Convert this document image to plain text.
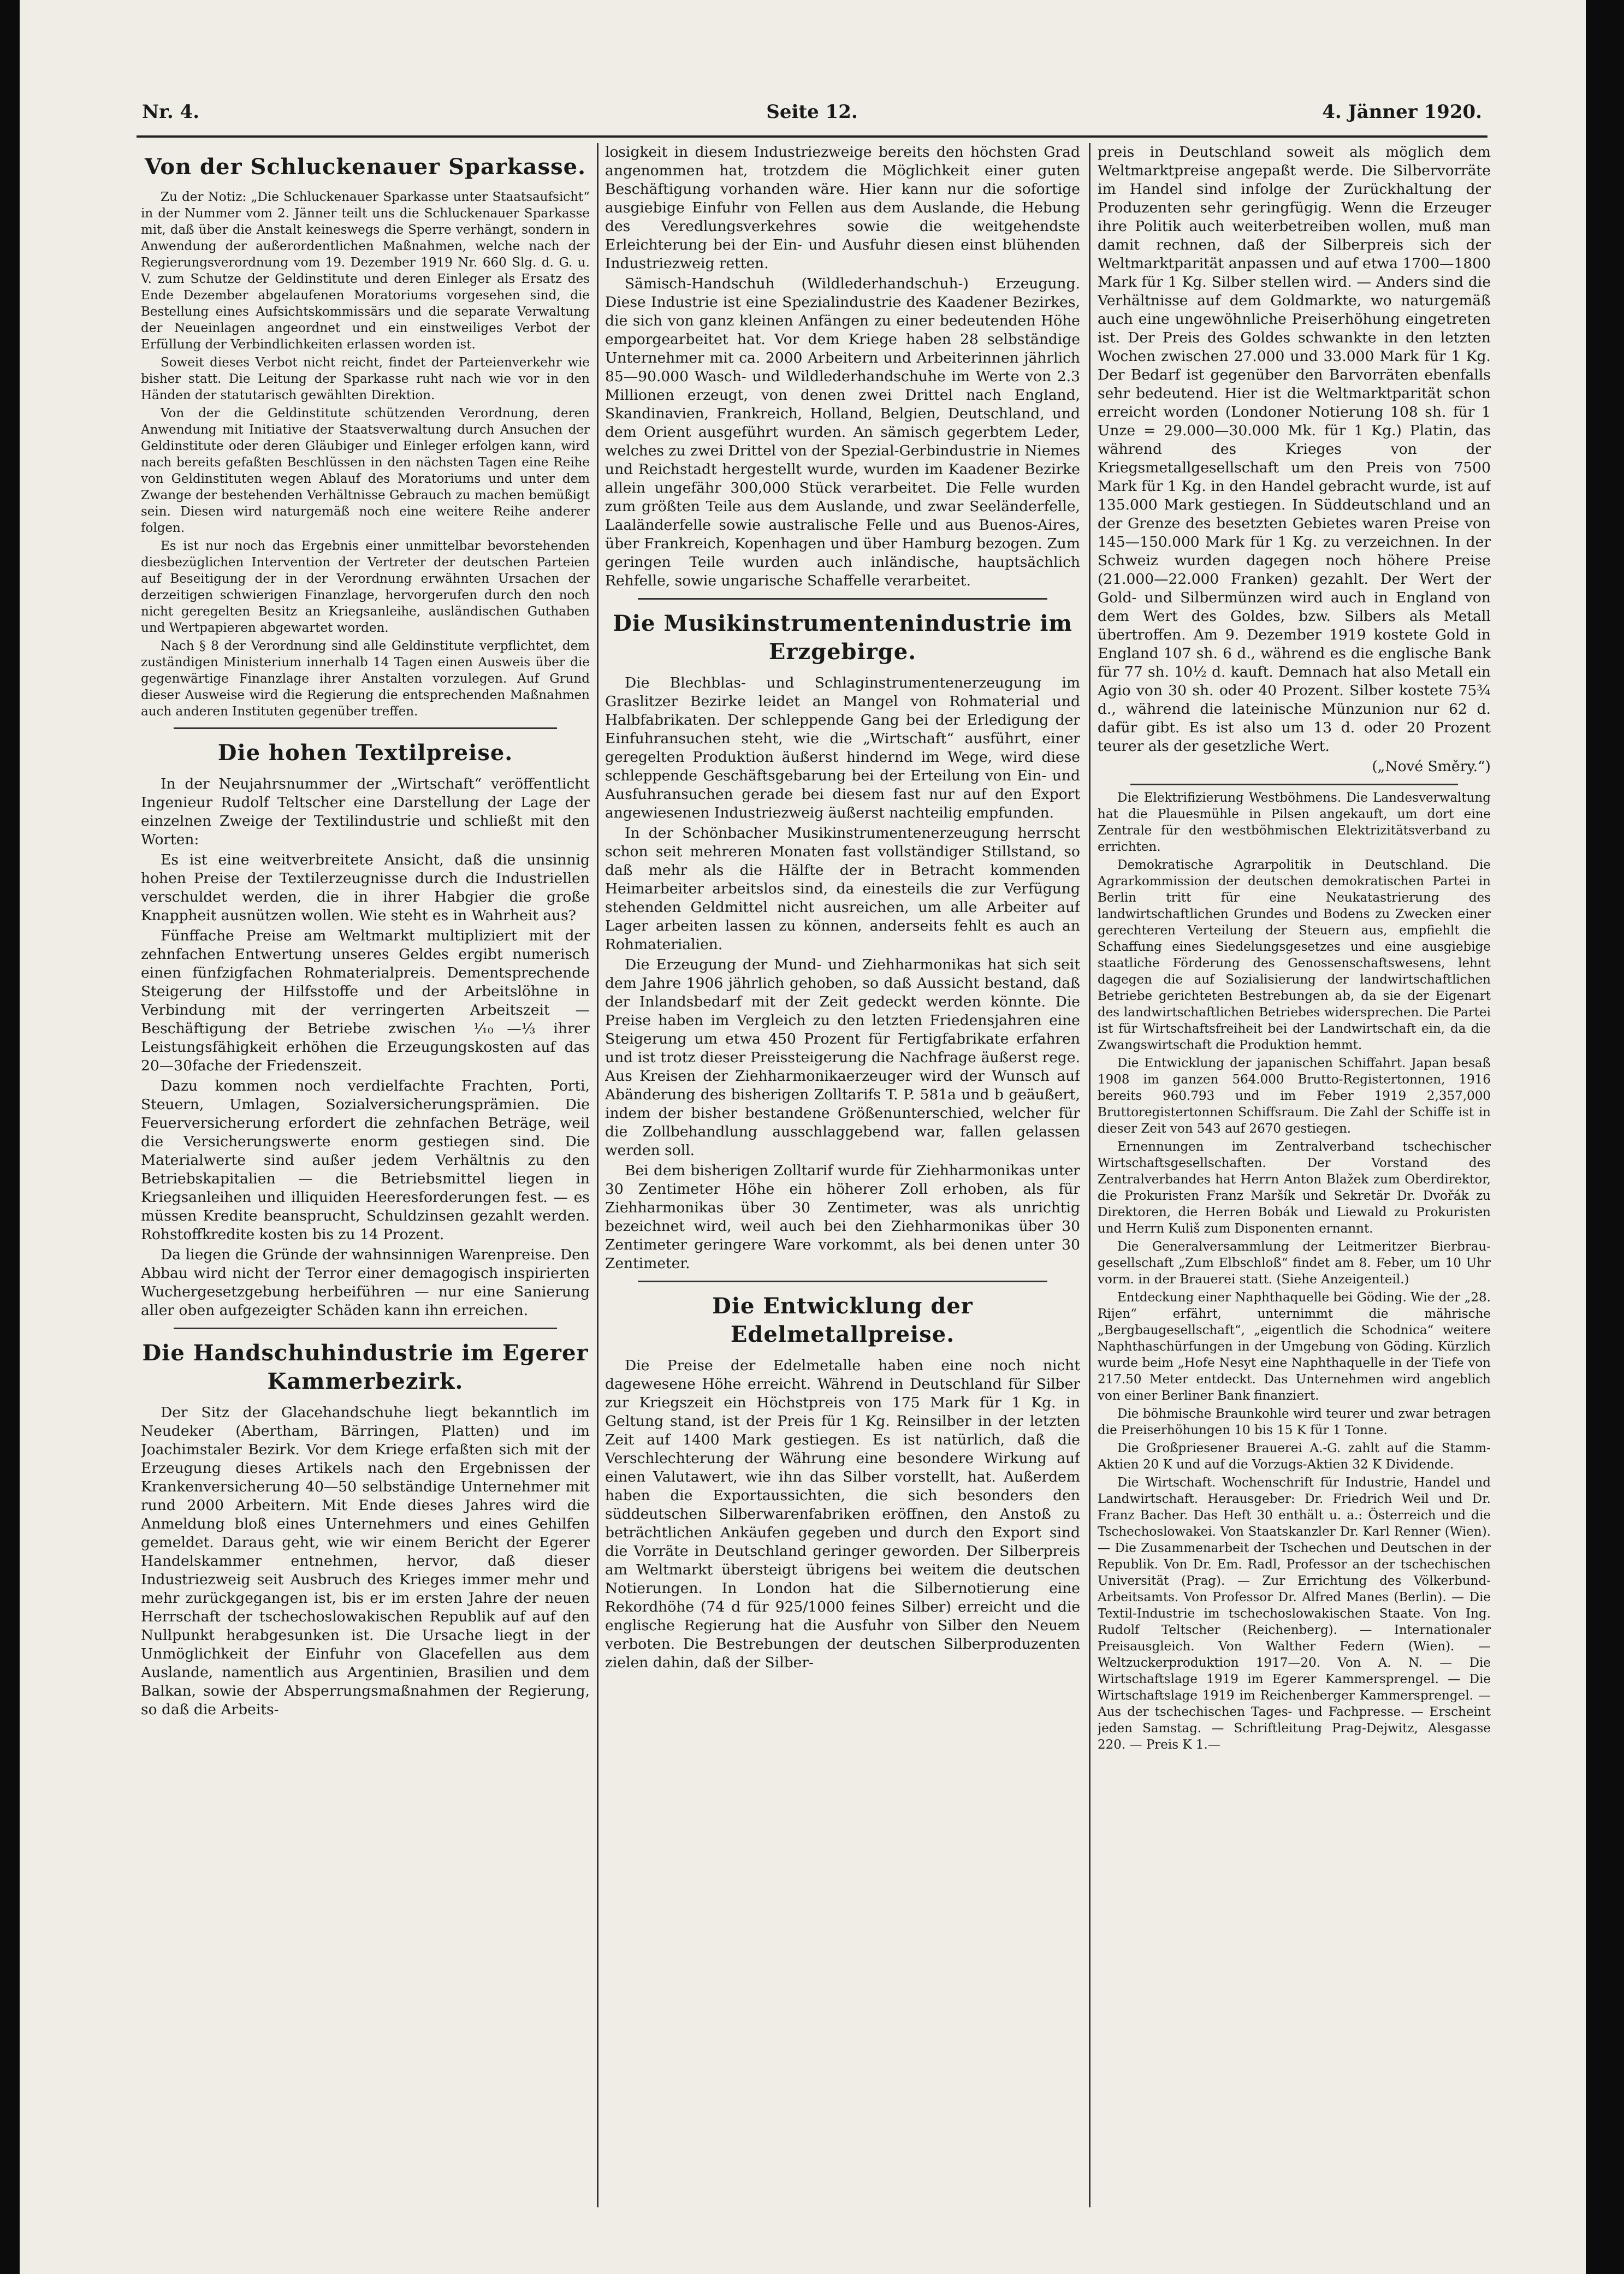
Nr. 4.	Seite 12.	4. Jänner 1920.
Von der Schluckenauer Sparkasse.

Zu der Notiz: „Die Schluckenauer Sparkasse unter Staatsaufsicht“ in der Nummer vom 2. Jänner teilt uns die Schluckenauer Sparkasse mit, daß über die Anstalt keineswegs die Sperre verhängt, sondern in Anwendung der außerordentlichen Maßnahmen, welche nach der Regierungsverordnung vom 19. Dezember 1919 Nr. 660 Slg. d. G. u. V. zum Schutze der Geldinstitute und deren Einleger als Ersatz des Ende Dezember abgelaufenen Moratoriums vorgesehen sind, die Bestellung eines Aufsichtskommissärs und die separate Verwaltung der Neueinlagen angeordnet und ein einstweiliges Verbot der Erfüllung der Verbindlichkeiten erlassen worden ist.

Soweit dieses Verbot nicht reicht, findet der Parteienverkehr wie bisher statt. Die Leitung der Sparkasse ruht nach wie vor in den Händen der statutarisch gewählten Direktion.

Von der die Geldinstitute schützenden Verordnung, deren Anwendung mit Initiative der Staatsverwaltung durch Ansuchen der Geldinstitute oder deren Gläubiger und Einleger erfolgen kann, wird nach bereits gefaßten Beschlüssen in den nächsten Tagen eine Reihe von Geldinstituten wegen Ablauf des Moratoriums und unter dem Zwange der bestehenden Verhältnisse Gebrauch zu machen bemüßigt sein. Diesen wird naturgemäß noch eine weitere Reihe anderer folgen.

Es ist nur noch das Ergebnis einer unmittelbar bevorstehenden diesbezüglichen Intervention der Vertreter der deutschen Parteien auf Beseitigung der in der Verordnung erwähnten Ursachen der derzeitigen schwierigen Finanzlage, hervorgerufen durch den noch nicht geregelten Besitz an Kriegsanleihe, ausländischen Guthaben und Wertpapieren abgewartet worden.

Nach § 8 der Verordnung sind alle Geldinstitute verpflichtet, dem zuständigen Ministerium innerhalb 14 Tagen einen Ausweis über die gegenwärtige Finanzlage ihrer Anstalten vorzulegen. Auf Grund dieser Ausweise wird die Regierung die entsprechenden Maßnahmen auch anderen Instituten gegenüber treffen.

Die hohen Textilpreise.

In der Neujahrsnummer der „Wirtschaft“ veröffentlicht Ingenieur Rudolf Teltscher eine Darstellung der Lage der einzelnen Zweige der Textilindustrie und schließt mit den Worten:

Es ist eine weitverbreitete Ansicht, daß die unsinnig hohen Preise der Textilerzeugnisse durch die Industriellen verschuldet werden, die in ihrer Habgier die große Knappheit ausnützen wollen. Wie steht es in Wahrheit aus?

Fünffache Preise am Weltmarkt multipliziert mit der zehnfachen Entwertung unseres Geldes ergibt numerisch einen fünfzigfachen Rohmaterialpreis. Dementsprechende Steigerung der Hilfsstoffe und der Arbeitslöhne in Verbindung mit der verringerten Arbeitszeit — Beschäftigung der Betriebe zwischen ⅒—⅓ ihrer Leistungsfähigkeit erhöhen die Erzeugungskosten auf das 20—30fache der Friedenszeit.

Dazu kommen noch verdielfachte Frachten, Porti, Steuern, Umlagen, Sozialversicherungsprämien. Die Feuerversicherung erfordert die zehnfachen Beträge, weil die Versicherungswerte enorm gestiegen sind. Die Materialwerte sind außer jedem Verhältnis zu den Betriebskapitalien — die Betriebsmittel liegen in Kriegsanleihen und illiquiden Heeresforderungen fest. — es müssen Kredite beansprucht, Schuldzinsen gezahlt werden. Rohstoffkredite kosten bis zu 14 Prozent.

Da liegen die Gründe der wahnsinnigen Warenpreise. Den Abbau wird nicht der Terror einer demagogisch inspirierten Wuchergesetzgebung herbeiführen — nur eine Sanierung aller oben aufgezeigter Schäden kann ihn erreichen.

Die Handschuhindustrie im Egerer Kammerbezirk.

Der Sitz der Glacehandschuhe liegt bekanntlich im Neudeker (Abertham, Bärringen, Platten) und im Joachimstaler Bezirk. Vor dem Kriege erfaßten sich mit der Erzeugung dieses Artikels nach den Ergebnissen der Krankenversicherung 40—50 selbständige Unternehmer mit rund 2000 Arbeitern. Mit Ende dieses Jahres wird die Anmeldung bloß eines Unternehmers und eines Gehilfen gemeldet. Daraus geht, wie wir einem Bericht der Egerer Handelskammer entnehmen, hervor, daß dieser Industriezweig seit Ausbruch des Krieges immer mehr und mehr zurückgegangen ist, bis er im ersten Jahre der neuen Herrschaft der tschechoslowakischen Republik auf auf den Nullpunkt herabgesunken ist. Die Ursache liegt in der Unmöglichkeit der Einfuhr von Glacefellen aus dem Auslande, namentlich aus Argentinien, Brasilien und dem Balkan, sowie der Absperrungsmaßnahmen der Regierung, so daß die Arbeits-

losigkeit in diesem Industriezweige bereits den höchsten Grad angenommen hat, trotzdem die Möglichkeit einer guten Beschäftigung vorhanden wäre. Hier kann nur die sofortige ausgiebige Einfuhr von Fellen aus dem Auslande, die Hebung des Veredlungsverkehres sowie die weitgehendste Erleichterung bei der Ein- und Ausfuhr diesen einst blühenden Industriezweig retten.

Sämisch-Handschuh (Wildlederhandschuh-) Erzeugung. Diese Industrie ist eine Spezialindustrie des Kaadener Bezirkes, die sich von ganz kleinen Anfängen zu einer bedeutenden Höhe emporgearbeitet hat. Vor dem Kriege haben 28 selbständige Unternehmer mit ca. 2000 Arbeitern und Arbeiterinnen jährlich 85—90.000 Wasch- und Wildlederhandschuhe im Werte von 2.3 Millionen erzeugt, von denen zwei Drittel nach England, Skandinavien, Frankreich, Holland, Belgien, Deutschland, und dem Orient ausgeführt wurden. An sämisch gegerbtem Leder, welches zu zwei Drittel von der Spezial-Gerbindustrie in Niemes und Reichstadt hergestellt wurde, wurden im Kaadener Bezirke allein ungefähr 300,000 Stück verarbeitet. Die Felle wurden zum größten Teile aus dem Auslande, und zwar Seeländerfelle, Laaländerfelle sowie australische Felle und aus Buenos-Aires, über Frankreich, Kopenhagen und über Hamburg bezogen. Zum geringen Teile wurden auch inländische, hauptsächlich Rehfelle, sowie ungarische Schaffelle verarbeitet.

Die Musikinstrumentenindustrie im Erzgebirge.

Die Blechblas- und Schlaginstrumentenerzeugung im Graslitzer Bezirke leidet an Mangel von Rohmaterial und Halbfabrikaten. Der schleppende Gang bei der Erledigung der Einfuhransuchen steht, wie die „Wirtschaft“ ausführt, einer geregelten Produktion äußerst hindernd im Wege, wird diese schleppende Geschäftsgebarung bei der Erteilung von Ein- und Ausfuhransuchen gerade bei diesem fast nur auf den Export angewiesenen Industriezweig äußerst nachteilig empfunden.

In der Schönbacher Musikinstrumentenerzeugung herrscht schon seit mehreren Monaten fast vollständiger Stillstand, so daß mehr als die Hälfte der in Betracht kommenden Heimarbeiter arbeitslos sind, da einesteils die zur Verfügung stehenden Geldmittel nicht ausreichen, um alle Arbeiter auf Lager arbeiten lassen zu können, anderseits fehlt es auch an Rohmaterialien.

Die Erzeugung der Mund- und Ziehharmonikas hat sich seit dem Jahre 1906 jährlich gehoben, so daß Aussicht bestand, daß der Inlandsbedarf mit der Zeit gedeckt werden könnte. Die Preise haben im Vergleich zu den letzten Friedensjahren eine Steigerung um etwa 450 Prozent für Fertigfabrikate erfahren und ist trotz dieser Preissteigerung die Nachfrage äußerst rege. Aus Kreisen der Ziehharmonikaerzeuger wird der Wunsch auf Abänderung des bisherigen Zolltarifs T. P. 581a und b geäußert, indem der bisher bestandene Größenunterschied, welcher für die Zollbehandlung ausschlaggebend war, fallen gelassen werden soll.

Bei dem bisherigen Zolltarif wurde für Ziehharmonikas unter 30 Zentimeter Höhe ein höherer Zoll erhoben, als für Ziehharmonikas über 30 Zentimeter, was als unrichtig bezeichnet wird, weil auch bei den Ziehharmonikas über 30 Zentimeter geringere Ware vorkommt, als bei denen unter 30 Zentimeter.

Die Entwicklung der Edelmetallpreise.

Die Preise der Edelmetalle haben eine noch nicht dagewesene Höhe erreicht. Während in Deutschland für Silber zur Kriegszeit ein Höchstpreis von 175 Mark für 1 Kg. in Geltung stand, ist der Preis für 1 Kg. Reinsilber in der letzten Zeit auf 1400 Mark gestiegen. Es ist natürlich, daß die Verschlechterung der Währung eine besondere Wirkung auf einen Valutawert, wie ihn das Silber vorstellt, hat. Außerdem haben die Exportaussichten, die sich besonders den süddeutschen Silberwarenfabriken eröffnen, den Anstoß zu beträchtlichen Ankäufen gegeben und durch den Export sind die Vorräte in Deutschland geringer geworden. Der Silberpreis am Weltmarkt übersteigt übrigens bei weitem die deutschen Notierungen. In London hat die Silbernotierung eine Rekordhöhe (74 d für 925/1000 feines Silber) erreicht und die englische Regierung hat die Ausfuhr von Silber den Neuem verboten. Die Bestrebungen der deutschen Silberproduzenten zielen dahin, daß der Silber-

preis in Deutschland soweit als möglich dem Weltmarktpreise angepaßt werde. Die Silbervorräte im Handel sind infolge der Zurückhaltung der Produzenten sehr geringfügig. Wenn die Erzeuger ihre Politik auch weiterbetreiben wollen, muß man damit rechnen, daß der Silberpreis sich der Weltmarktparität anpassen und auf etwa 1700—1800 Mark für 1 Kg. Silber stellen wird. — Anders sind die Verhältnisse auf dem Goldmarkte, wo naturgemäß auch eine ungewöhnliche Preiserhöhung eingetreten ist. Der Preis des Goldes schwankte in den letzten Wochen zwischen 27.000 und 33.000 Mark für 1 Kg. Der Bedarf ist gegenüber den Barvorräten ebenfalls sehr bedeutend. Hier ist die Weltmarktparität schon erreicht worden (Londoner Notierung 108 sh. für 1 Unze = 29.000—30.000 Mk. für 1 Kg.) Platin, das während des Krieges von der Kriegsmetallgesellschaft um den Preis von 7500 Mark für 1 Kg. in den Handel gebracht wurde, ist auf 135.000 Mark gestiegen. In Süddeutschland und an der Grenze des besetzten Gebietes waren Preise von 145—150.000 Mark für 1 Kg. zu verzeichnen. In der Schweiz wurden dagegen noch höhere Preise (21.000—22.000 Franken) gezahlt. Der Wert der Gold- und Silbermünzen wird auch in England von dem Wert des Goldes, bzw. Silbers als Metall übertroffen. Am 9. Dezember 1919 kostete Gold in England 107 sh. 6 d., während es die englische Bank für 77 sh. 10½ d. kauft. Demnach hat also Metall ein Agio von 30 sh. oder 40 Prozent. Silber kostete 75¾ d., während die lateinische Münzunion nur 62 d. dafür gibt. Es ist also um 13 d. oder 20 Prozent teurer als der gesetzliche Wert.

(„Nové Směry.“)

Die Elektrifizierung Westböhmens. Die Landesverwaltung hat die Plauesmühle in Pilsen angekauft, um dort eine Zentrale für den westböhmischen Elektrizitätsverband zu errichten.

Demokratische Agrarpolitik in Deutschland. Die Agrarkommission der deutschen demokratischen Partei in Berlin tritt für eine Neukatastrierung des landwirtschaftlichen Grundes und Bodens zu Zwecken einer gerechteren Verteilung der Steuern aus, empfiehlt die Schaffung eines Siedelungsgesetzes und eine ausgiebige staatliche Förderung des Genossenschaftswesens, lehnt dagegen die auf Sozialisierung der landwirtschaftlichen Betriebe gerichteten Bestrebungen ab, da sie der Eigenart des landwirtschaftlichen Betriebes widersprechen. Die Partei ist für Wirtschaftsfreiheit bei der Landwirtschaft ein, da die Zwangswirtschaft die Produktion hemmt.

Die Entwicklung der japanischen Schiffahrt. Japan besaß 1908 im ganzen 564.000 Brutto-Registertonnen, 1916 bereits 960.793 und im Feber 1919 2,357,000 Bruttoregistertonnen Schiffsraum. Die Zahl der Schiffe ist in dieser Zeit von 543 auf 2670 gestiegen.

Ernennungen im Zentralverband tschechischer Wirtschaftsgesellschaften. Der Vorstand des Zentralverbandes hat Herrn Anton Blažek zum Oberdirektor, die Prokuristen Franz Maršík und Sekretär Dr. Dvořák zu Direktoren, die Herren Bobák und Liewald zu Prokuristen und Herrn Kuliš zum Disponenten ernannt.

Die Generalversammlung der Leitmeritzer Bierbrau-gesellschaft „Zum Elbschloß“ findet am 8. Feber, um 10 Uhr vorm. in der Brauerei statt. (Siehe Anzeigenteil.)

Entdeckung einer Naphthaquelle bei Göding. Wie der „28. Rijen“ erfährt, unternimmt die mährische „Bergbaugesellschaft“, „eigentlich die Schodnica“ weitere Naphthaschürfungen in der Umgebung von Göding. Kürzlich wurde beim „Hofe Nesyt eine Naphthaquelle in der Tiefe von 217.50 Meter entdeckt. Das Unternehmen wird angeblich von einer Berliner Bank finanziert.

Die böhmische Braunkohle wird teurer und zwar betragen die Preiserhöhungen 10 bis 15 K für 1 Tonne.

Die Großpriesener Brauerei A.-G. zahlt auf die Stamm-Aktien 20 K und auf die Vorzugs-Aktien 32 K Dividende.

Die Wirtschaft. Wochenschrift für Industrie, Handel und Landwirtschaft. Herausgeber: Dr. Friedrich Weil und Dr. Franz Bacher. Das Heft 30 enthält u. a.: Österreich und die Tschechoslowakei. Von Staatskanzler Dr. Karl Renner (Wien). — Die Zusammenarbeit der Tschechen und Deutschen in der Republik. Von Dr. Em. Radl, Professor an der tschechischen Universität (Prag). — Zur Errichtung des Völkerbund-Arbeitsamts. Von Professor Dr. Alfred Manes (Berlin). — Die Textil-Industrie im tschechoslowakischen Staate. Von Ing. Rudolf Teltscher (Reichenberg). — Internationaler Preisausgleich. Von Walther Federn (Wien). — Weltzuckerproduktion 1917—20. Von A. N. — Die Wirtschaftslage 1919 im Egerer Kammersprengel. — Die Wirtschaftslage 1919 im Reichenberger Kammersprengel. — Aus der tschechischen Tages- und Fachpresse. — Erscheint jeden Samstag. — Schriftleitung Prag-Dejwitz, Alesgasse 220. — Preis K 1.—
